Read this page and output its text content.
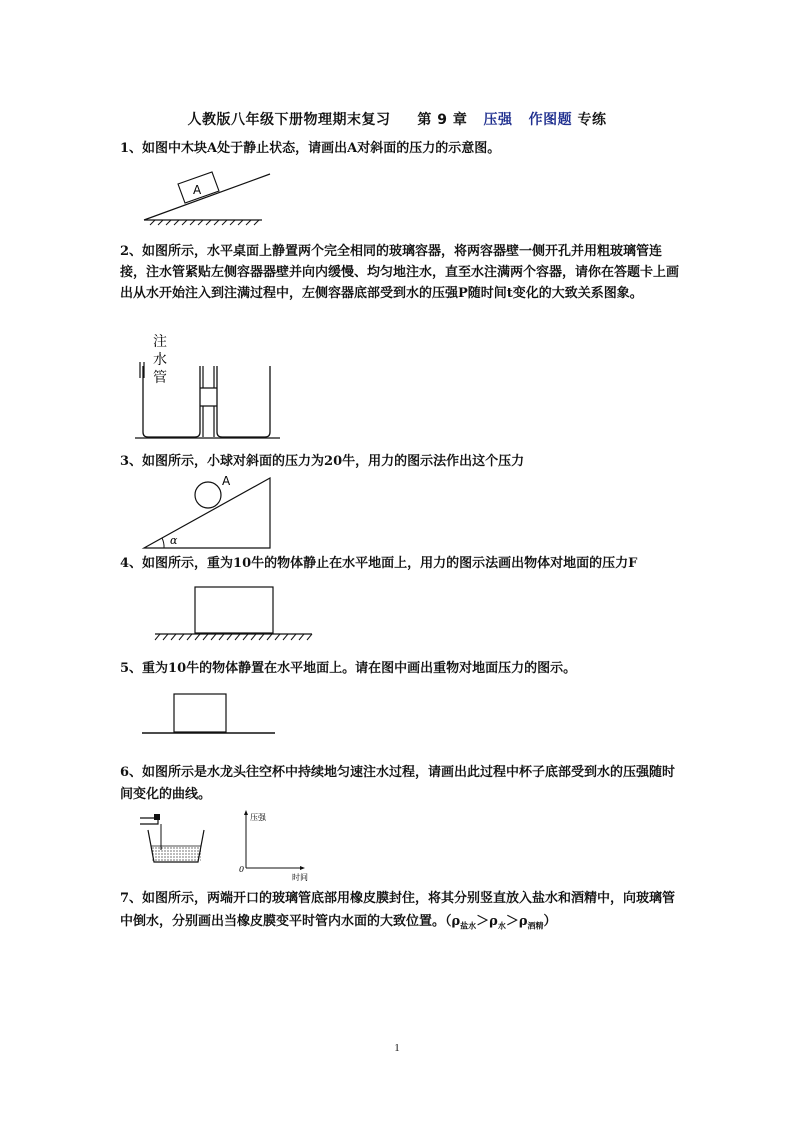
人教版八年级下册物理期末复习 第 9 章 压强 作图题 专练
1、如图中木块A处于静止状态，请画出A对斜面的压力的示意图。
A
2、如图所示，水平桌面上静置两个完全相同的玻璃容器，将两容器壁一侧开孔并用粗玻璃管连接，注水管紧贴左侧容器器壁并向内缓慢、均匀地注水，直至水注满两个容器，请你在答题卡上画出从水开始注入到注满过程中，左侧容器底部受到水的压强P随时间t变化的大致关系图象。
注
水
管
3、如图所示，小球对斜面的压力为20牛，用力的图示法作出这个压力
A
α
4、如图所示，重为10牛的物体静止在水平地面上，用力的图示法画出物体对地面的压力F
5、重为10牛的物体静置在水平地面上。请在图中画出重物对地面压力的图示。
6、如图所示是水龙头往空杯中持续地匀速注水过程，请画出此过程中杯子底部受到水的压强随时间变化的曲线。
压强
时间
0
7、如图所示，两端开口的玻璃管底部用橡皮膜封住，将其分别竖直放入盐水和酒精中，向玻璃管中倒水，分别画出当橡皮膜变平时管内水面的大致位置。$(\rho_{盐水}>\rho_水>\rho_{酒精})$
1
